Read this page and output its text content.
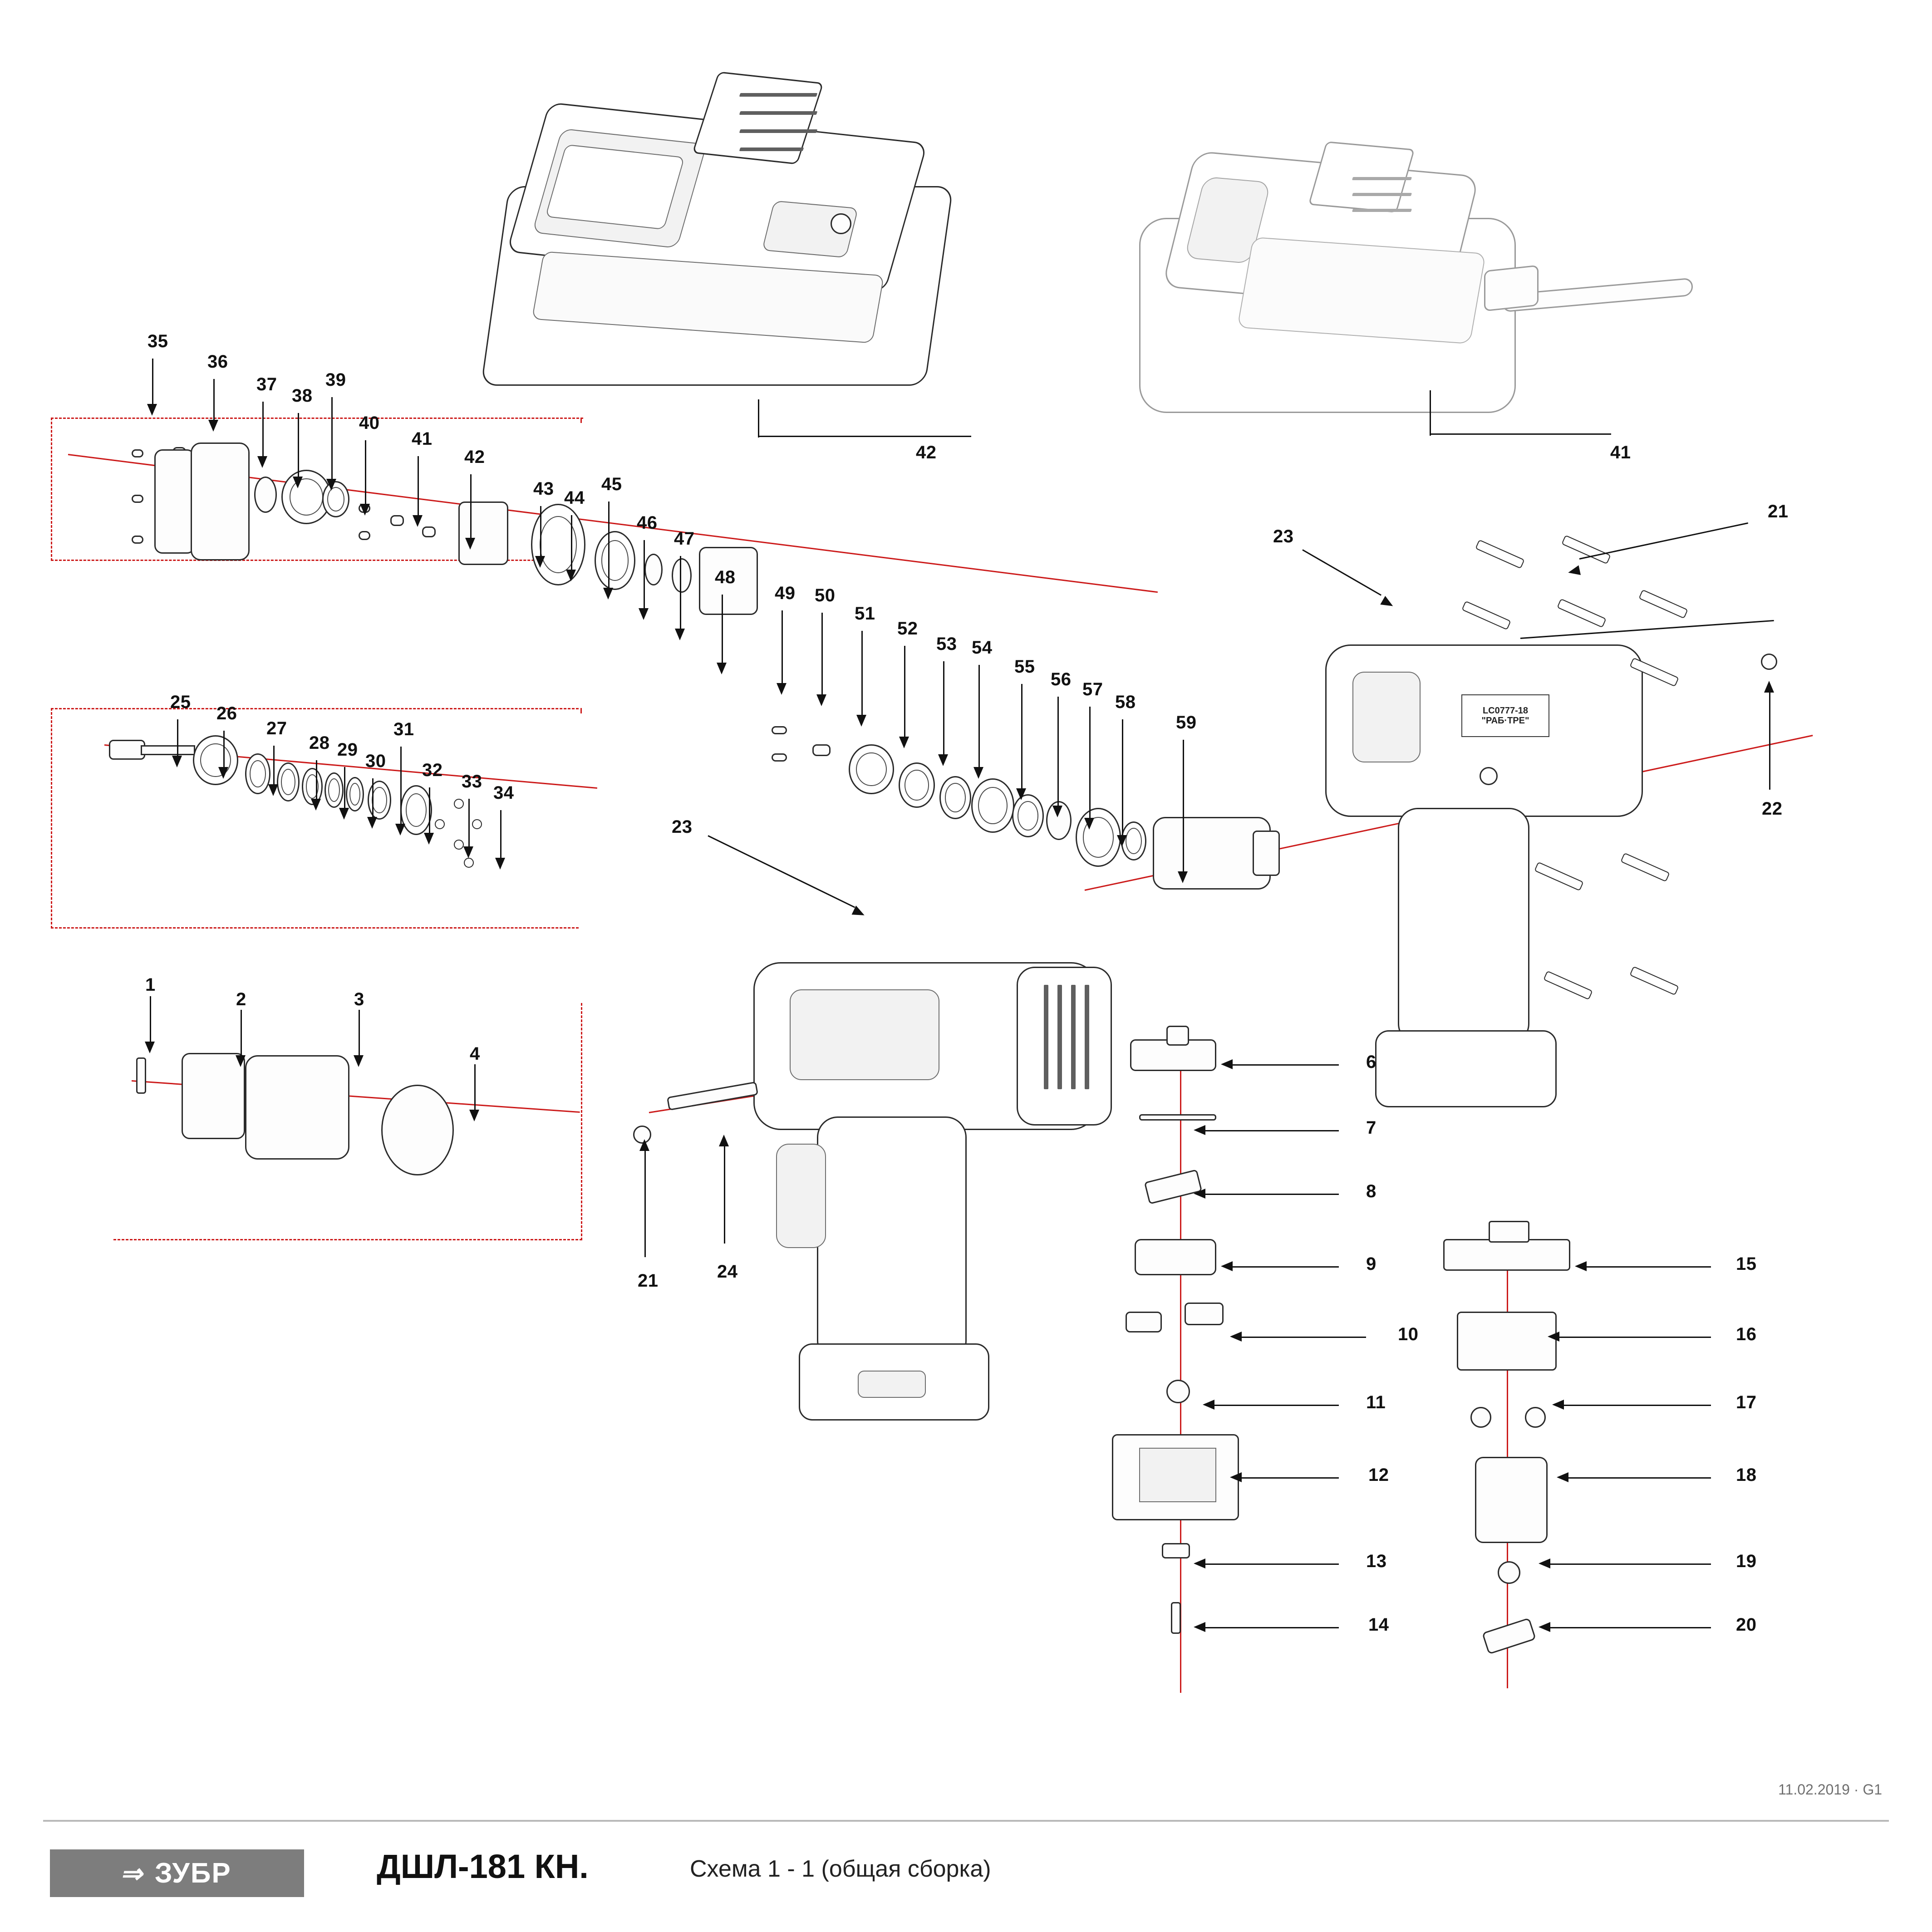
42	41
23
LC0777-18
"РАБ·ТРЕ"
23
21
1
2	3
4	6
7
8
9
10
11
12
13
14
15
16
17
18
19
20
21
22
24
25
26
27
28 29
30
31
32
33
34
35
36
37
38
39
40
41
42
43 44
45
46
47
48
49 50
51
52
53 54
55
56 57
58
59
11.02.2019 · G1
⇒ ЗУБР	ДШЛ-181 КН.	Схема 1 - 1 (общая сборка)
